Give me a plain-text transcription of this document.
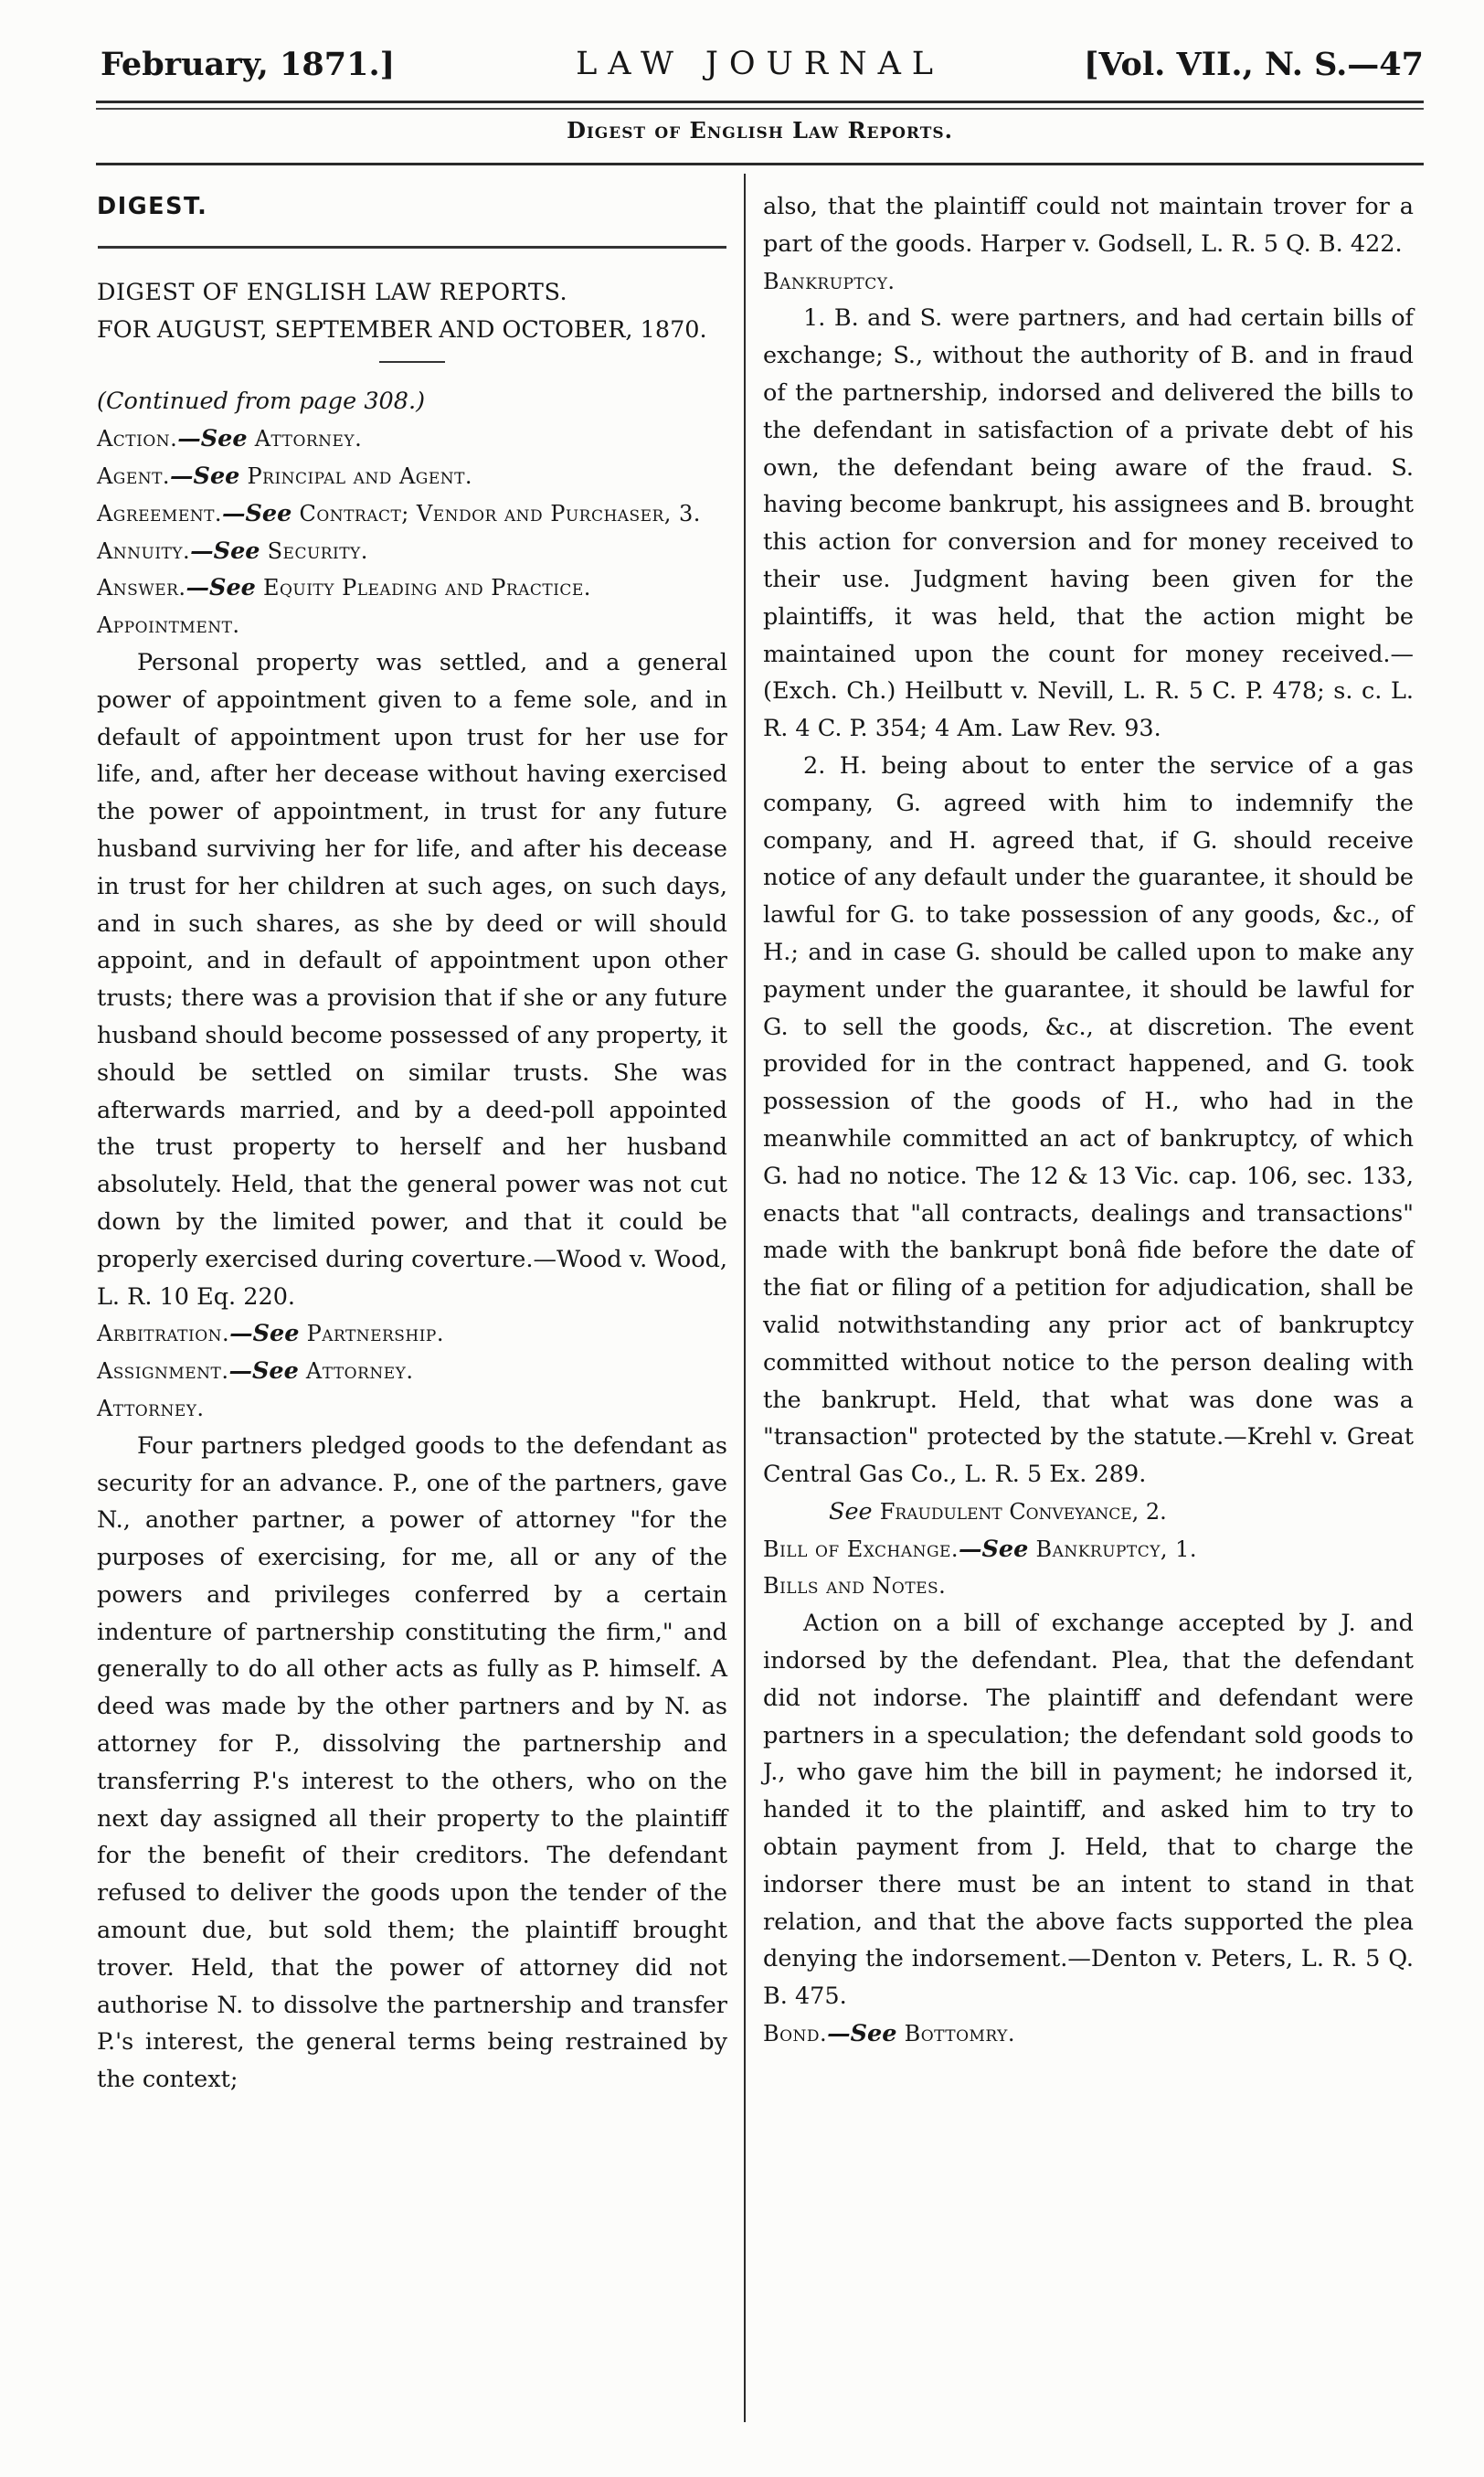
February, 1871.]	LAW JOURNAL	[Vol. VII., N. S.—47
Digest of English Law Reports.

DIGEST.

DIGEST OF ENGLISH LAW REPORTS.

FOR AUGUST, SEPTEMBER AND OCTOBER, 1870.

(Continued from page 308.)

Action.—See Attorney.

Agent.—See Principal and Agent.

Agreement.—See Contract; Vendor and Purchaser, 3.

Annuity.—See Security.

Answer.—See Equity Pleading and Practice.

Appointment.

Personal property was settled, and a general power of appointment given to a feme sole, and in default of appointment upon trust for her use for life, and, after her decease without having exercised the power of appointment, in trust for any future husband surviving her for life, and after his decease in trust for her children at such ages, on such days, and in such shares, as she by deed or will should appoint, and in default of appointment upon other trusts; there was a provision that if she or any future husband should become possessed of any property, it should be settled on similar trusts. She was afterwards married, and by a deed-poll appointed the trust property to herself and her husband absolutely. Held, that the general power was not cut down by the limited power, and that it could be properly exercised during coverture.—Wood v. Wood, L. R. 10 Eq. 220.

Arbitration.—See Partnership.

Assignment.—See Attorney.

Attorney.

Four partners pledged goods to the defendant as security for an advance. P., one of the partners, gave N., another partner, a power of attorney "for the purposes of exercising, for me, all or any of the powers and privileges conferred by a certain indenture of partnership constituting the firm," and generally to do all other acts as fully as P. himself. A deed was made by the other partners and by N. as attorney for P., dissolving the partnership and transferring P.'s interest to the others, who on the next day assigned all their property to the plaintiff for the benefit of their creditors. The defendant refused to deliver the goods upon the tender of the amount due, but sold them; the plaintiff brought trover. Held, that the power of attorney did not authorise N. to dissolve the partnership and transfer P.'s interest, the general terms being restrained by the context;

also, that the plaintiff could not maintain trover for a part of the goods. Harper v. Godsell, L. R. 5 Q. B. 422.

Bankruptcy.

1. B. and S. were partners, and had certain bills of exchange; S., without the authority of B. and in fraud of the partnership, indorsed and delivered the bills to the defendant in satisfaction of a private debt of his own, the defendant being aware of the fraud. S. having become bankrupt, his assignees and B. brought this action for conversion and for money received to their use. Judgment having been given for the plaintiffs, it was held, that the action might be maintained upon the count for money received.—(Exch. Ch.) Heilbutt v. Nevill, L. R. 5 C. P. 478; s. c. L. R. 4 C. P. 354; 4 Am. Law Rev. 93.

2. H. being about to enter the service of a gas company, G. agreed with him to indemnify the company, and H. agreed that, if G. should receive notice of any default under the guarantee, it should be lawful for G. to take possession of any goods, &c., of H.; and in case G. should be called upon to make any payment under the guarantee, it should be lawful for G. to sell the goods, &c., at discretion. The event provided for in the contract happened, and G. took possession of the goods of H., who had in the meanwhile committed an act of bankruptcy, of which G. had no notice. The 12 & 13 Vic. cap. 106, sec. 133, enacts that "all contracts, dealings and transactions" made with the bankrupt bonâ fide before the date of the fiat or filing of a petition for adjudication, shall be valid notwithstanding any prior act of bankruptcy committed without notice to the person dealing with the bankrupt. Held, that what was done was a "transaction" protected by the statute.—Krehl v. Great Central Gas Co., L. R. 5 Ex. 289.

See Fraudulent Conveyance, 2.

Bill of Exchange.—See Bankruptcy, 1.

Bills and Notes.

Action on a bill of exchange accepted by J. and indorsed by the defendant. Plea, that the defendant did not indorse. The plaintiff and defendant were partners in a speculation; the defendant sold goods to J., who gave him the bill in payment; he indorsed it, handed it to the plaintiff, and asked him to try to obtain payment from J. Held, that to charge the indorser there must be an intent to stand in that relation, and that the above facts supported the plea denying the indorsement.—Denton v. Peters, L. R. 5 Q. B. 475.

Bond.—See Bottomry.
